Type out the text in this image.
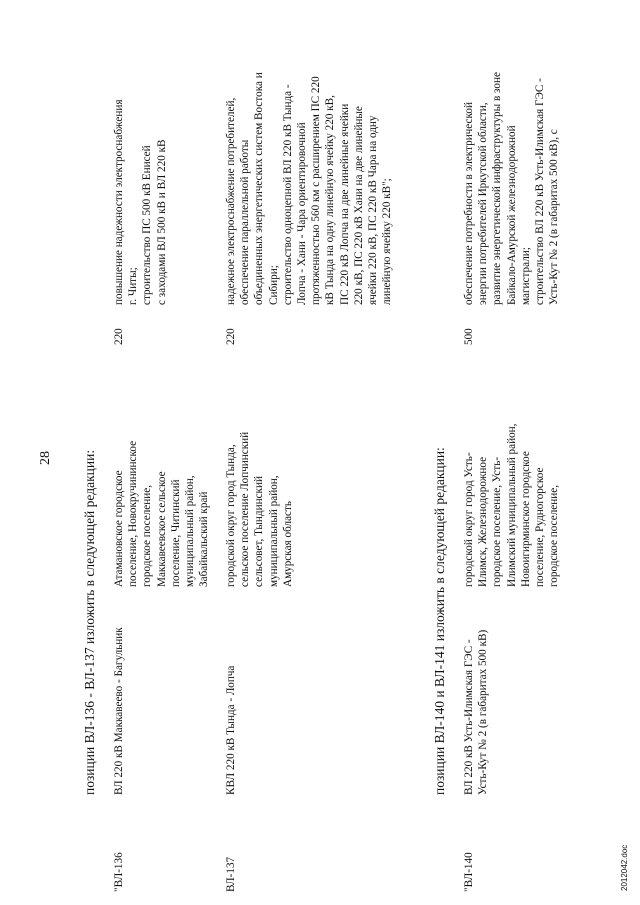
28 позиции ВЛ-136 - ВЛ-137 изложить в следующей редакции:
"ВЛ-136
ВЛ 220 кВ Маккавеево - Багульник
Атамановское городское поселение, Новокручининское городское поселение, Маккавеевское сельское поселение, Читинский муниципальный район, Забайкальский край
220
повышение надежности электроснабжения г. Читы; строительство ПС 500 кВ Енисей с заходами ВЛ 500 кВ и ВЛ 220 кВ
ВЛ-137
КВЛ 220 кВ Тында - Лопча
городской округ город Тында, сельское поселение Лопчинский сельсовет, Тындинский муниципальный район, Амурская область
220
надежное электроснабжение потребителей, обеспечение параллельной работы объединенных энергетических систем Востока и Сибири; строительство одноцепной ВЛ 220 кВ Тында - Лопча - Хани - Чара ориентировочной протяженностью 560 км с расширением ПС 220 кВ Тында на одну линейную ячейку 220 кВ, ПС 220 кВ Лопча на две линейные ячейки 220 кВ, ПС 220 кВ Хани на две линейные ячейки 220 кВ, ПС 220 кВ Чара на одну линейную ячейку 220 кВ";
позиции ВЛ-140 и ВЛ-141 изложить в следующей редакции:
"ВЛ-140
ВЛ 220 кВ Усть-Илимская ГЭС - Усть-Кут № 2 (в габаритах 500 кВ)
городской округ город Усть- Илимск, Железнодорожное городское поселение, Усть- Илимский муниципальный район, Новоигирминское городское поселение, Рудногорское городское поселение,
500
обеспечение потребности в электрической энергии потребителей Иркутской области, развитие энергетической инфраструктуры в зоне Байкало-Амурской железнодорожной магистрали; строительство ВЛ 220 кВ Усть-Илимская ГЭС - Усть-Кут № 2 (в габаритах 500 кВ), с
2012042.doc
